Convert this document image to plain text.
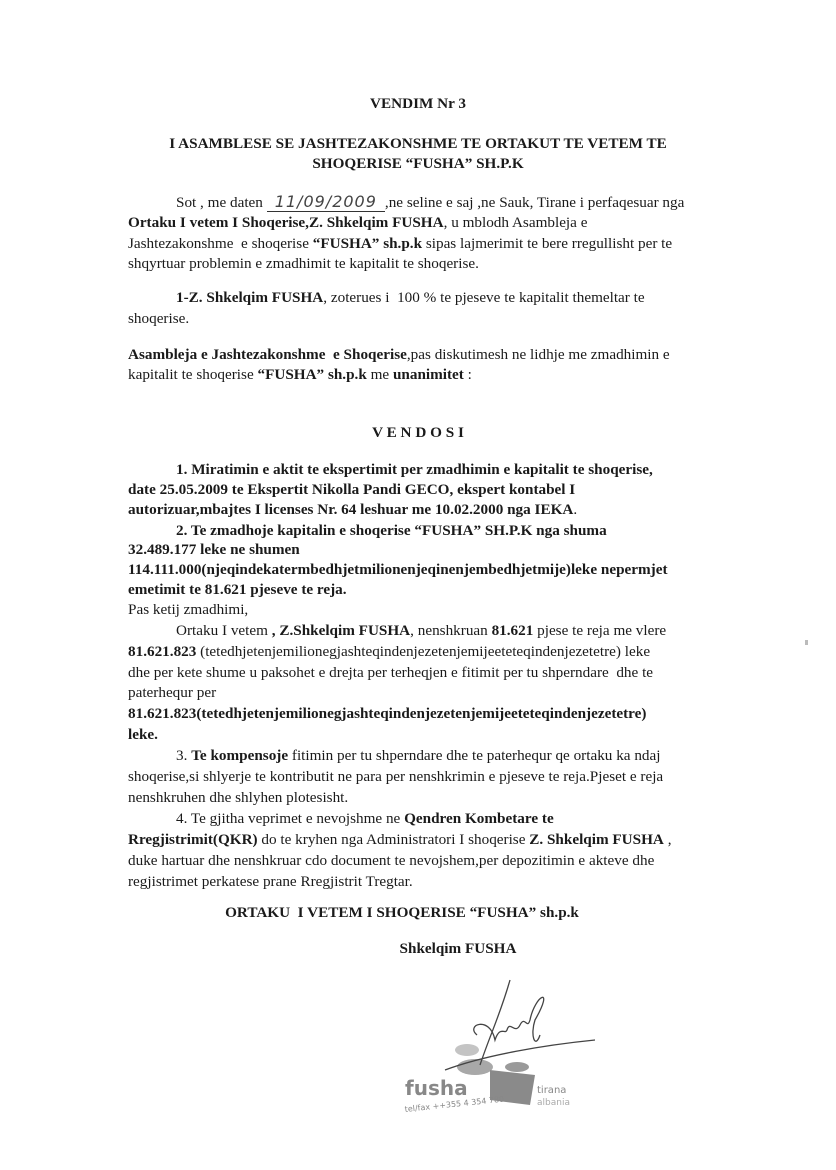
VENDIM Nr 3
I ASAMBLESE SE JASHTEZAKONSHME TE ORTAKUT TE VETEM TE
SHOQERISE “FUSHA” SH.P.K
Sot , me daten 11/09/2009 ,ne seline e saj ,ne Sauk, Tirane i perfaqesuar nga
Ortaku I vetem I Shoqerise,Z. Shkelqim FUSHA, u mblodh Asambleja e
Jashtezakonshme  e shoqerise “FUSHA” sh.p.k sipas lajmerimit te bere rregullisht per te
shqyrtuar problemin e zmadhimit te kapitalit te shoqerise.
1-Z. Shkelqim FUSHA, zoterues i  100 % te pjeseve te kapitalit themeltar te
shoqerise.
Asambleja e Jashtezakonshme  e Shoqerise,pas diskutimesh ne lidhje me zmadhimin e
kapitalit te shoqerise “FUSHA” sh.p.k me unanimitet :
V E N D O S I
1. Miratimin e aktit te ekspertimit per zmadhimin e kapitalit te shoqerise,
date 25.05.2009 te Ekspertit Nikolla Pandi GECO, ekspert kontabel I
autorizuar,mbajtes I licenses Nr. 64 leshuar me 10.02.2000 nga IEKA.
2. Te zmadhoje kapitalin e shoqerise “FUSHA” SH.P.K nga shuma
32.489.177 leke ne shumen
114.111.000(njeqindekatermbedhjetmilionenjeqinenjembedhjetmije)leke nepermjet
emetimit te 81.621 pjeseve te reja.
Pas ketij zmadhimi,
Ortaku I vetem , Z.Shkelqim FUSHA, nenshkruan 81.621 pjese te reja me vlere
81.621.823 (tetedhjetenjemilionegjashteqindenjezetenjemijeeteteqindenjezetetre) leke
dhe per kete shume u paksohet e drejta per terheqjen e fitimit per tu shperndare  dhe te
paterhequr per
81.621.823(tetedhjetenjemilionegjashteqindenjezetenjemijeeteteqindenjezetetre)
leke.
3. Te kompensoje fitimin per tu shperndare dhe te paterhequr qe ortaku ka ndaj
shoqerise,si shlyerje te kontributit ne para per nenshkrimin e pjeseve te reja.Pjeset e reja
nenshkruhen dhe shlyhen plotesisht.
4. Te gjitha veprimet e nevojshme ne Qendren Kombetare te
Rregjistrimit(QKR) do te kryhen nga Administratori I shoqerise Z. Shkelqim FUSHA ,
duke hartuar dhe nenshkruar cdo document te nevojshem,per depozitimin e akteve dhe
regjistrimet perkatese prane Rregjistrit Tregtar.
ORTAKU  I VETEM I SHOQERISE “FUSHA” sh.p.k
Shkelqim FUSHA
fusha
tel/fax ++355 4 354 780
tirana
albania
